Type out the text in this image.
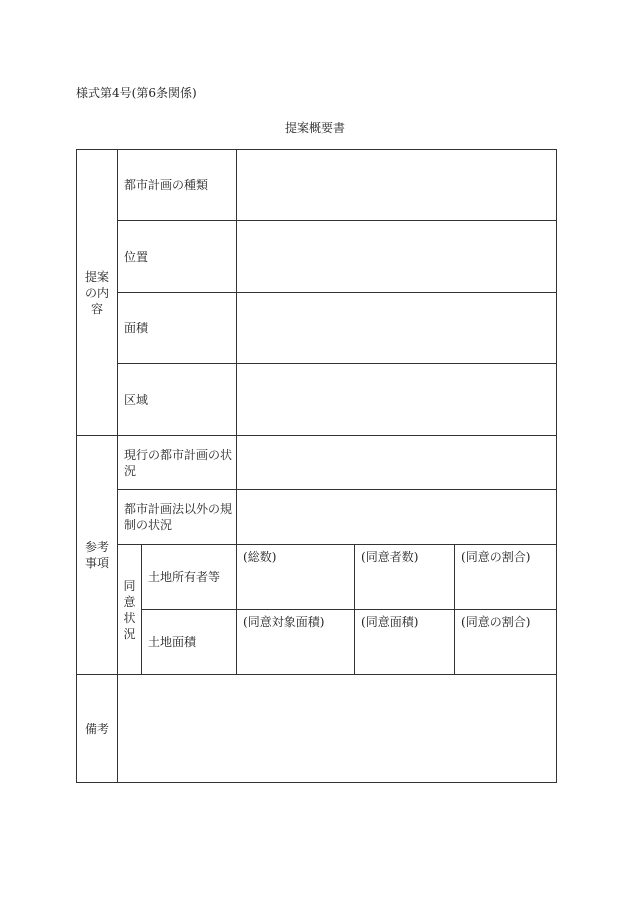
様式第4号(第6条関係)
提案概要書
提案の内容	都市計画の種類				
	位置				
	面積				
	区域				
参考事項	現行の都市計画の状況				
	都市計画法以外の規制の状況				
	同意状況	土地所有者等	(総数)	(同意者数)	(同意の割合)
		土地面積	(同意対象面積)	(同意面積)	(同意の割合)
備考					
